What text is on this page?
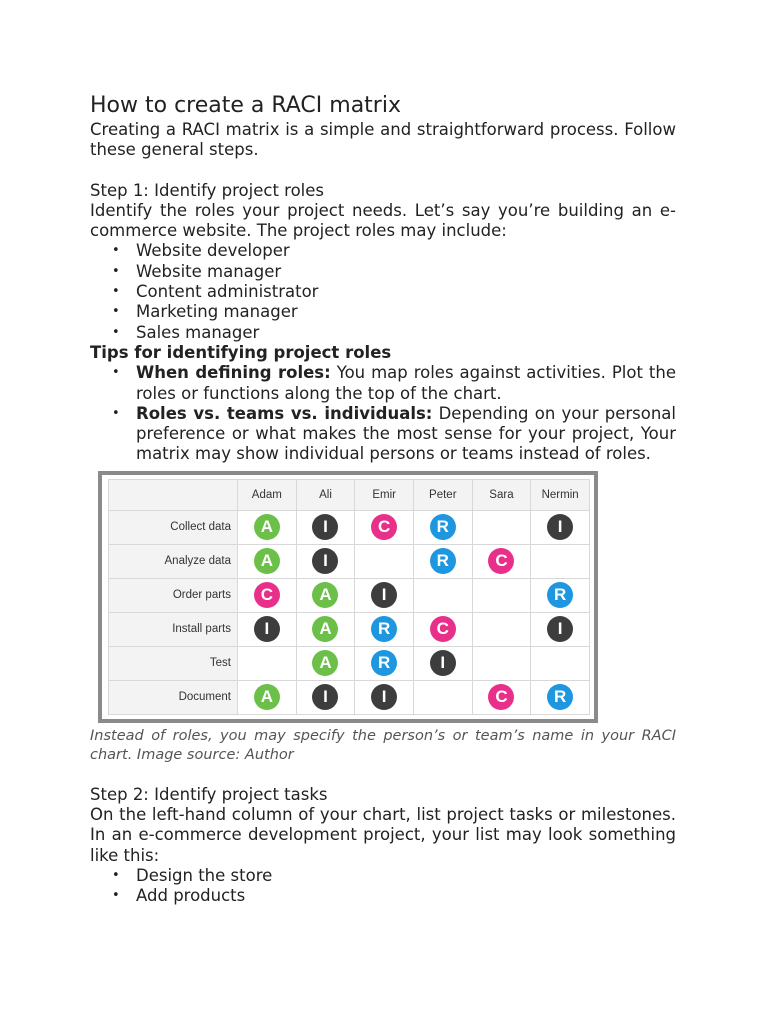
How to create a RACI matrix

Creating a RACI matrix is a simple and straightforward process. Follow these general steps.

Step 1: Identify project roles

Identify the roles your project needs. Let’s say you’re building an e-commerce website. The project roles may include:

• Website developer
• Website manager
• Content administrator
• Marketing manager
• Sales manager

Tips for identifying project roles

• When defining roles: You map roles against activities. Plot the roles or functions along the top of the chart.
• Roles vs. teams vs. individuals: Depending on your personal preference or what makes the most sense for your project, Your matrix may show individual persons or teams instead of roles.
	Adam	Ali	Emir	Peter	Sara	Nermin
Collect data	A	I	C	R		I
Analyze data	A	I		R	C	
Order parts	C	A	I			R
Install parts	I	A	R	C		I
Test		A	R	I		
Document	A	I	I		C	R
Instead of roles, you may specify the person’s or team’s name in your RACI chart. Image source: Author

Step 2: Identify project tasks

On the left-hand column of your chart, list project tasks or milestones. In an e-commerce development project, your list may look something like this:

• Design the store
• Add products
